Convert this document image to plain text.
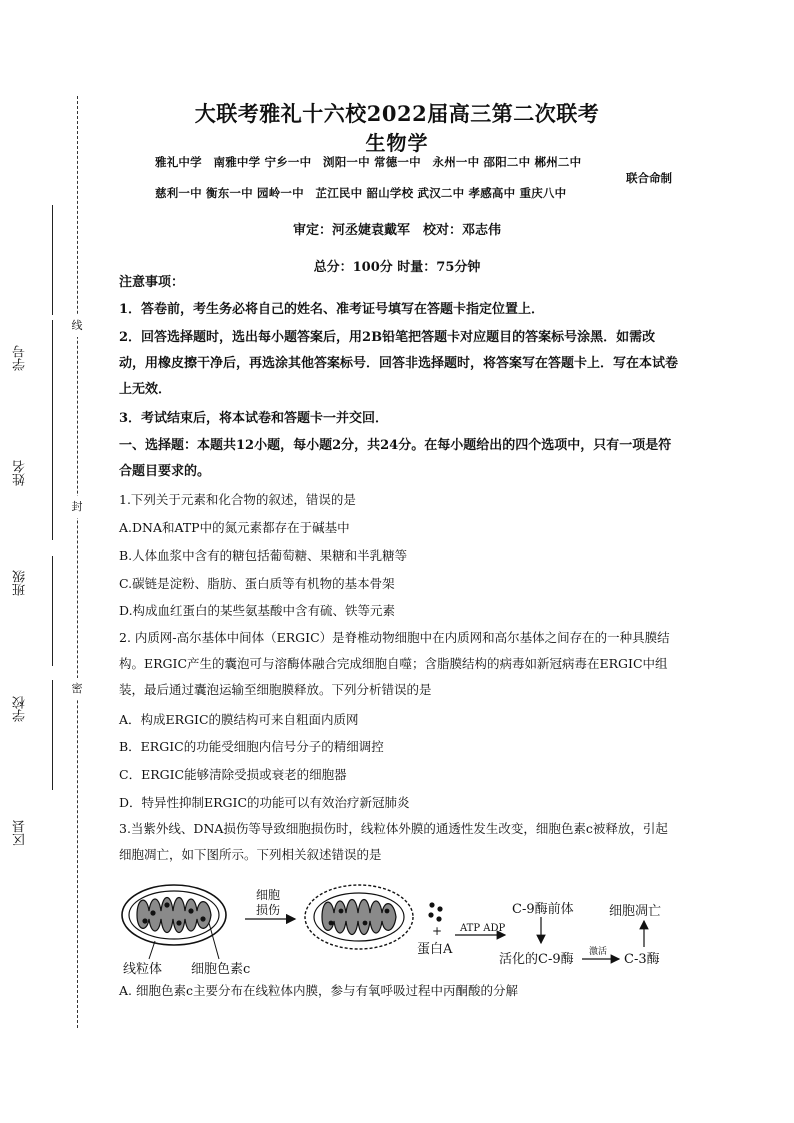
线
封
密
学号
姓名
班级
学校
区县
大联考雅礼十六校2022届高三第二次联考
生物学
雅礼中学　南雅中学 宁乡一中　浏阳一中 常德一中　永州一中 邵阳二中 郴州二中
慈利一中 衡东一中 园岭一中　芷江民中 韶山学校 武汉二中 孝感高中 重庆八中
联合命制
审定：河丞婕袁戴军　校对：邓志伟
总分：100分 时量：75分钟
注意事项：
1．答卷前，考生务必将自己的姓名、准考证号填写在答题卡指定位置上．
2．回答选择题时，选出每小题答案后，用2B铅笔把答题卡对应题目的答案标号涂黑．如需改动，用橡皮擦干净后，再选涂其他答案标号．回答非选择题时，将答案写在答题卡上．写在本试卷上无效．
3．考试结束后，将本试卷和答题卡一并交回．
一、选择题：本题共12小题，每小题2分，共24分。在每小题给出的四个选项中，只有一项是符合题目要求的。
1.下列关于元素和化合物的叙述，错误的是
A.DNA和ATP中的氮元素都存在于碱基中
B.人体血浆中含有的糖包括葡萄糖、果糖和半乳糖等
C.碳链是淀粉、脂肪、蛋白质等有机物的基本骨架
D.构成血红蛋白的某些氨基酸中含有硫、铁等元素
2. 内质网-高尔基体中间体（ERGIC）是脊椎动物细胞中在内质网和高尔基体之间存在的一种具膜结构。ERGIC产生的囊泡可与溶酶体融合完成细胞自噬；含脂膜结构的病毒如新冠病毒在ERGIC中组装，最后通过囊泡运输至细胞膜释放。下列分析错误的是
A．构成ERGIC的膜结构可来自粗面内质网
B．ERGIC的功能受细胞内信号分子的精细调控
C．ERGIC能够清除受损或衰老的细胞器
D．特异性抑制ERGIC的功能可以有效治疗新冠肺炎
3.当紫外线、DNA损伤等导致细胞损伤时，线粒体外膜的通透性发生改变，细胞色素c被释放，引起细胞凋亡，如下图所示。下列相关叙述错误的是
线粒体 细胞色素c
细胞
损伤
+
蛋白A
ATP ADP
C-9酶前体
活化的C-9酶 激活 C-3酶
细胞凋亡
A. 细胞色素c主要分布在线粒体内膜，参与有氧呼吸过程中丙酮酸的分解
